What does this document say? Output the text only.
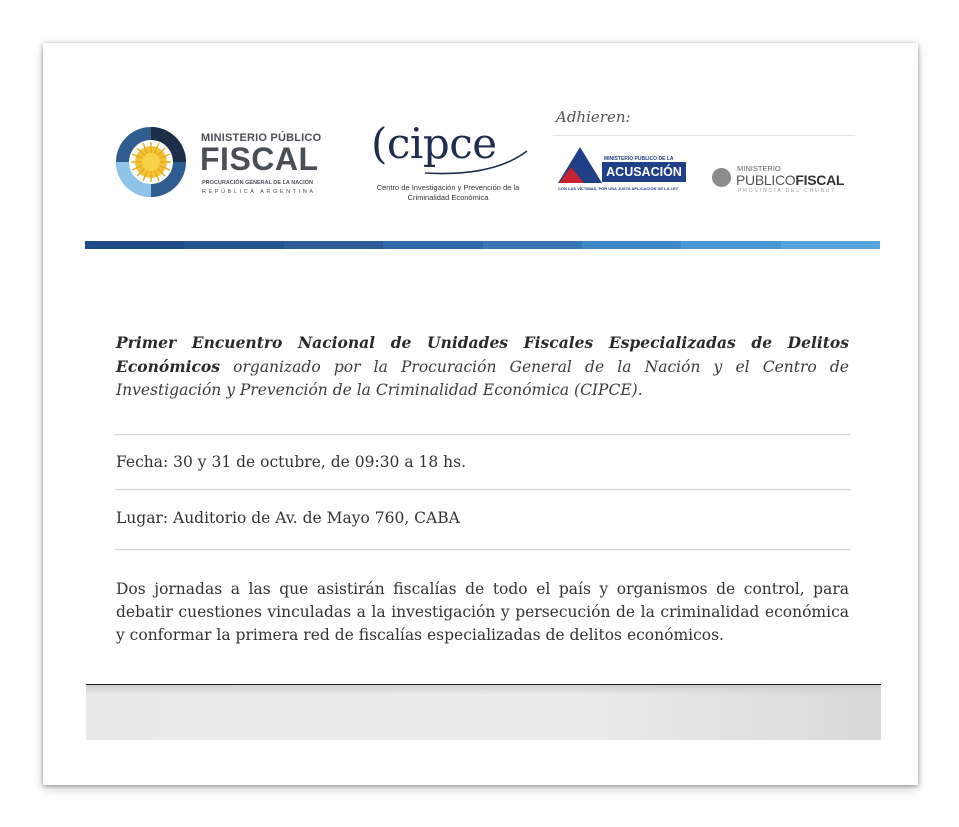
MINISTERIO PÚBLICO
FISCAL
PROCURACIÓN GENERAL DE LA NACIÓN
REPÚBLICA ARGENTINA
(cipce
Centro de Investigación y Prevención de la Criminalidad Económica
Adhieren:
MINISTERIO PÚBLICO DE LA
ACUSACIÓN
CON LAS VÍCTIMAS, POR UNA JUSTA APLICACIÓN DE LA LEY
MINISTERIO
PUBLICOFISCAL
PROVINCIA DEL CHUBUT
Primer Encuentro Nacional de Unidades Fiscales Especializadas de Delitos Económicos organizado por la Procuración General de la Nación y el Centro de Investigación y Prevención de la Criminalidad Económica (CIPCE).
Fecha: 30 y 31 de octubre, de 09:30 a 18 hs.
Lugar: Auditorio de Av. de Mayo 760, CABA
Dos jornadas a las que asistirán fiscalías de todo el país y organismos de control, para debatir cuestiones vinculadas a la investigación y persecución de la criminalidad económica y conformar la primera red de fiscalías especializadas de delitos económicos.
